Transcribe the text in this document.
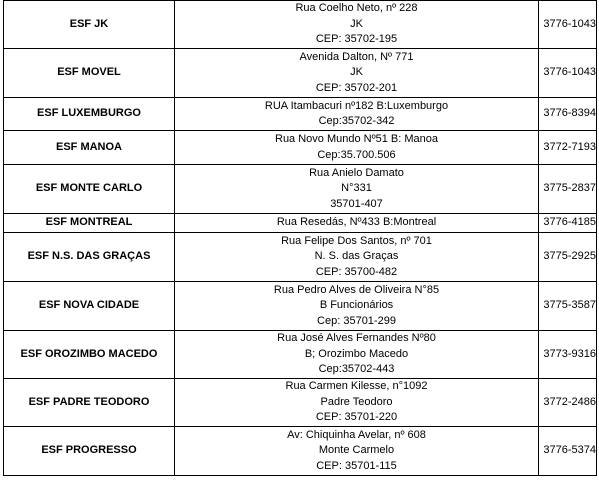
ESF JK	Rua Coelho Neto, nº 228
JK
CEP: 35702-195	3776-1043
ESF MOVEL	Avenida Dalton, Nº 771
JK
CEP: 35702-201	3776-1043
ESF LUXEMBURGO	RUA Itambacuri nº182 B:Luxemburgo
Cep:35702-342	3776-8394
ESF MANOA	Rua Novo Mundo Nº51 B: Manoa
Cep:35.700.506	3772-7193
ESF MONTE CARLO	Rua Anielo Damato
N°331
35701-407	3775-2837
ESF MONTREAL	Rua Resedás, Nº433 B:Montreal	3776-4185
ESF N.S. DAS GRAÇAS	Rua Felipe Dos Santos, nº 701
N. S. das Graças
CEP: 35700-482	3775-2925
ESF NOVA CIDADE	Rua Pedro Alves de Oliveira N°85
B Funcionários
Cep: 35701-299	3775-3587
ESF OROZIMBO MACEDO	Rua José Alves Fernandes Nº80
B; Orozimbo Macedo
Cep:35702-443	3773-9316
ESF PADRE TEODORO	Rua Carmen Kilesse, n°1092
Padre Teodoro
CEP: 35701-220	3772-2486
ESF PROGRESSO	Av: Chiquinha Avelar, nº 608
Monte Carmelo
CEP: 35701-115	3776-5374
